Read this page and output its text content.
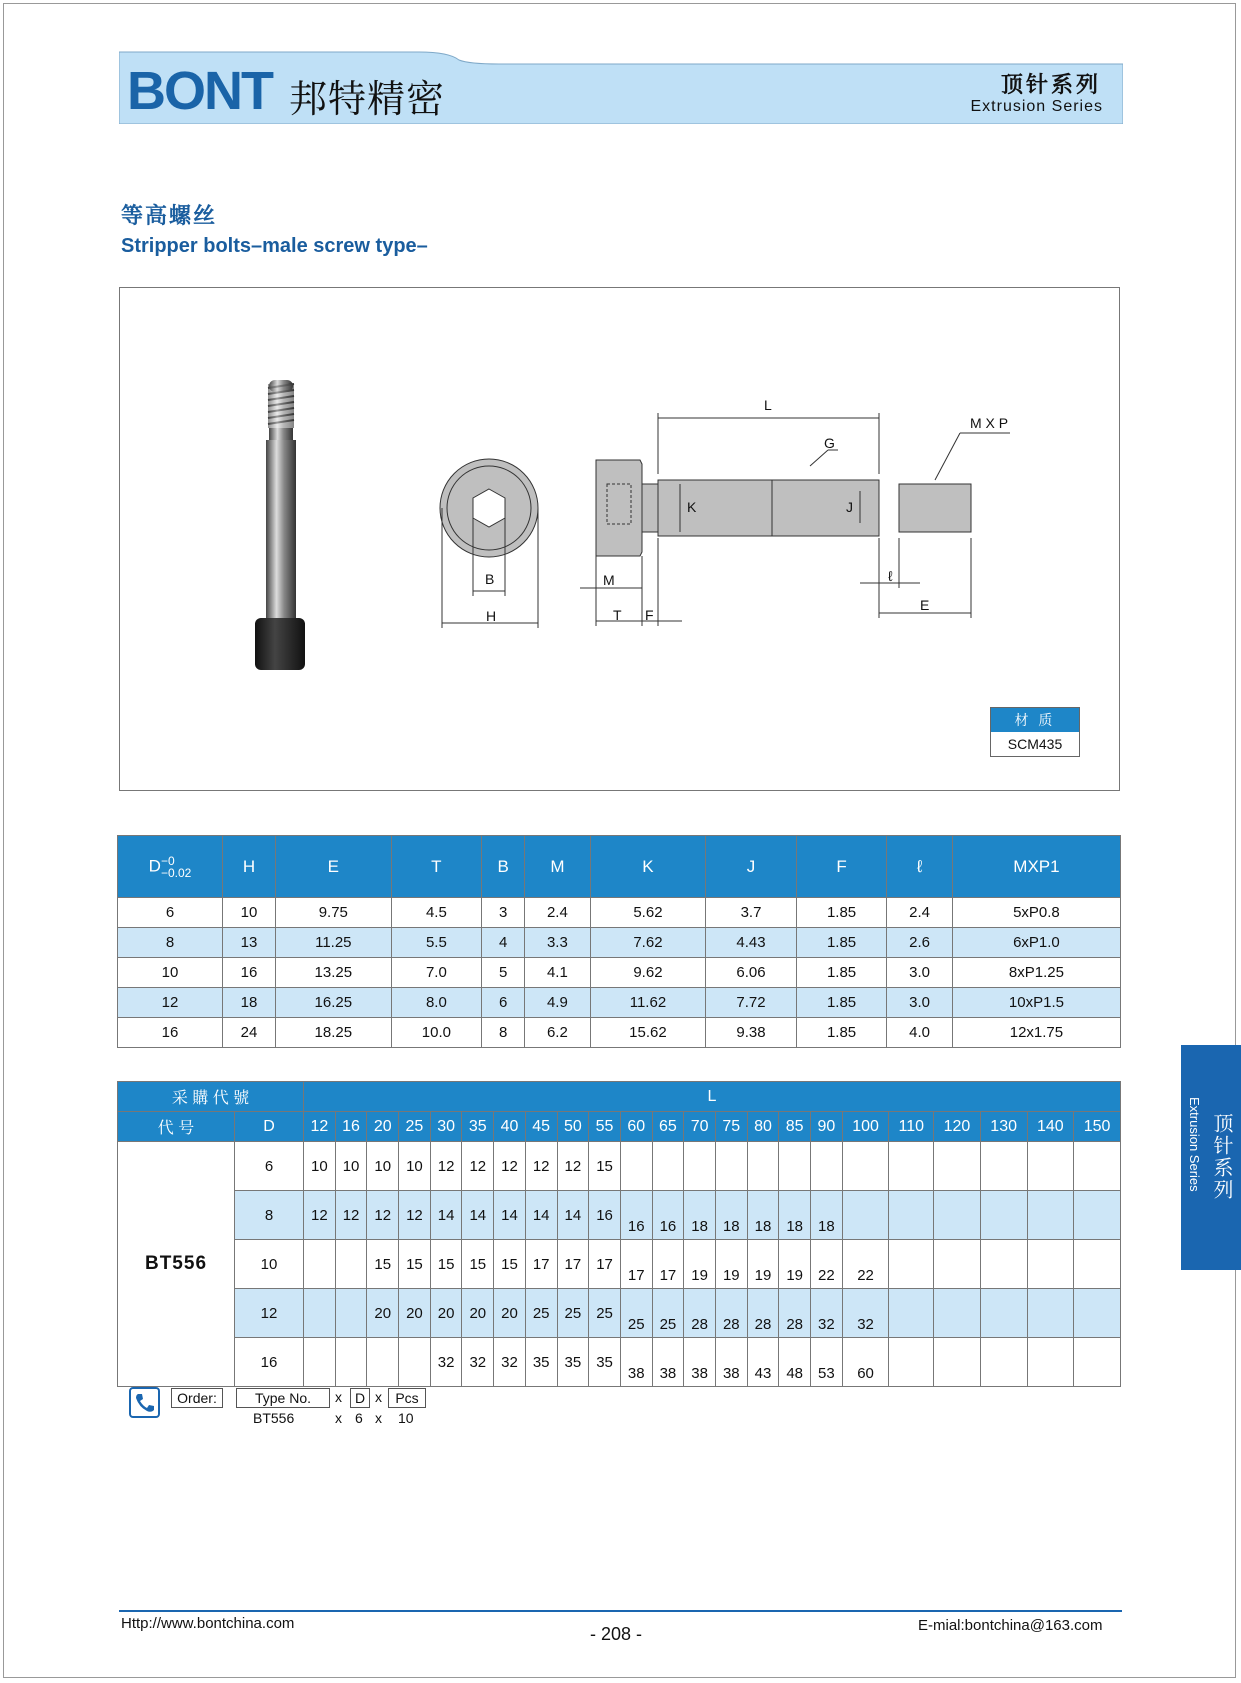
BONT 邦特精密	顶针系列
Extrusion Series
等高螺丝
Stripper bolts–male screw type–
B
H
L
G
M X P
K	J
M
T F
ℓ
E
材 质
SCM435
D−0
−0.02	H	E	T	B	M	K	J	F	ℓ	MXP1
6	10	9.75	4.5	3	2.4	5.62	3.7	1.85	2.4	5xP0.8
8	13	11.25	5.5	4	3.3	7.62	4.43	1.85	2.6	6xP1.0
10	16	13.25	7.0	5	4.1	9.62	6.06	1.85	3.0	8xP1.25
12	18	16.25	8.0	6	4.9	11.62	7.72	1.85	3.0	10xP1.5
16	24	18.25	10.0	8	6.2	15.62	9.38	1.85	4.0	12x1.75
采 購 代 號		L																						
代 号	D	12	16	20	25	30	35	40	45	50	55	60	65	70	75	80	85	90	100	110	120	130	140	150
BT556	6	10	10	10	10	12	12	12	12	12	15													
	8	12	12	12	12	14	14	14	14	14	16	16	16	18	18	18	18	18						
	10			15	15	15	15	15	17	17	17	17	17	19	19	19	19	22	22					
	12			20	20	20	20	20	25	25	25	25	25	28	28	28	28	32	32					
	16					32	32	32	35	35	35	38	38	38	38	43	48	53	60					
顶针系列
Extrusion Series
Order:	Type No.	x D x Pcs
BT556	x 6 x 10
Http://www.bontchina.com
- 208 -	E-mial:bontchina@163.com
